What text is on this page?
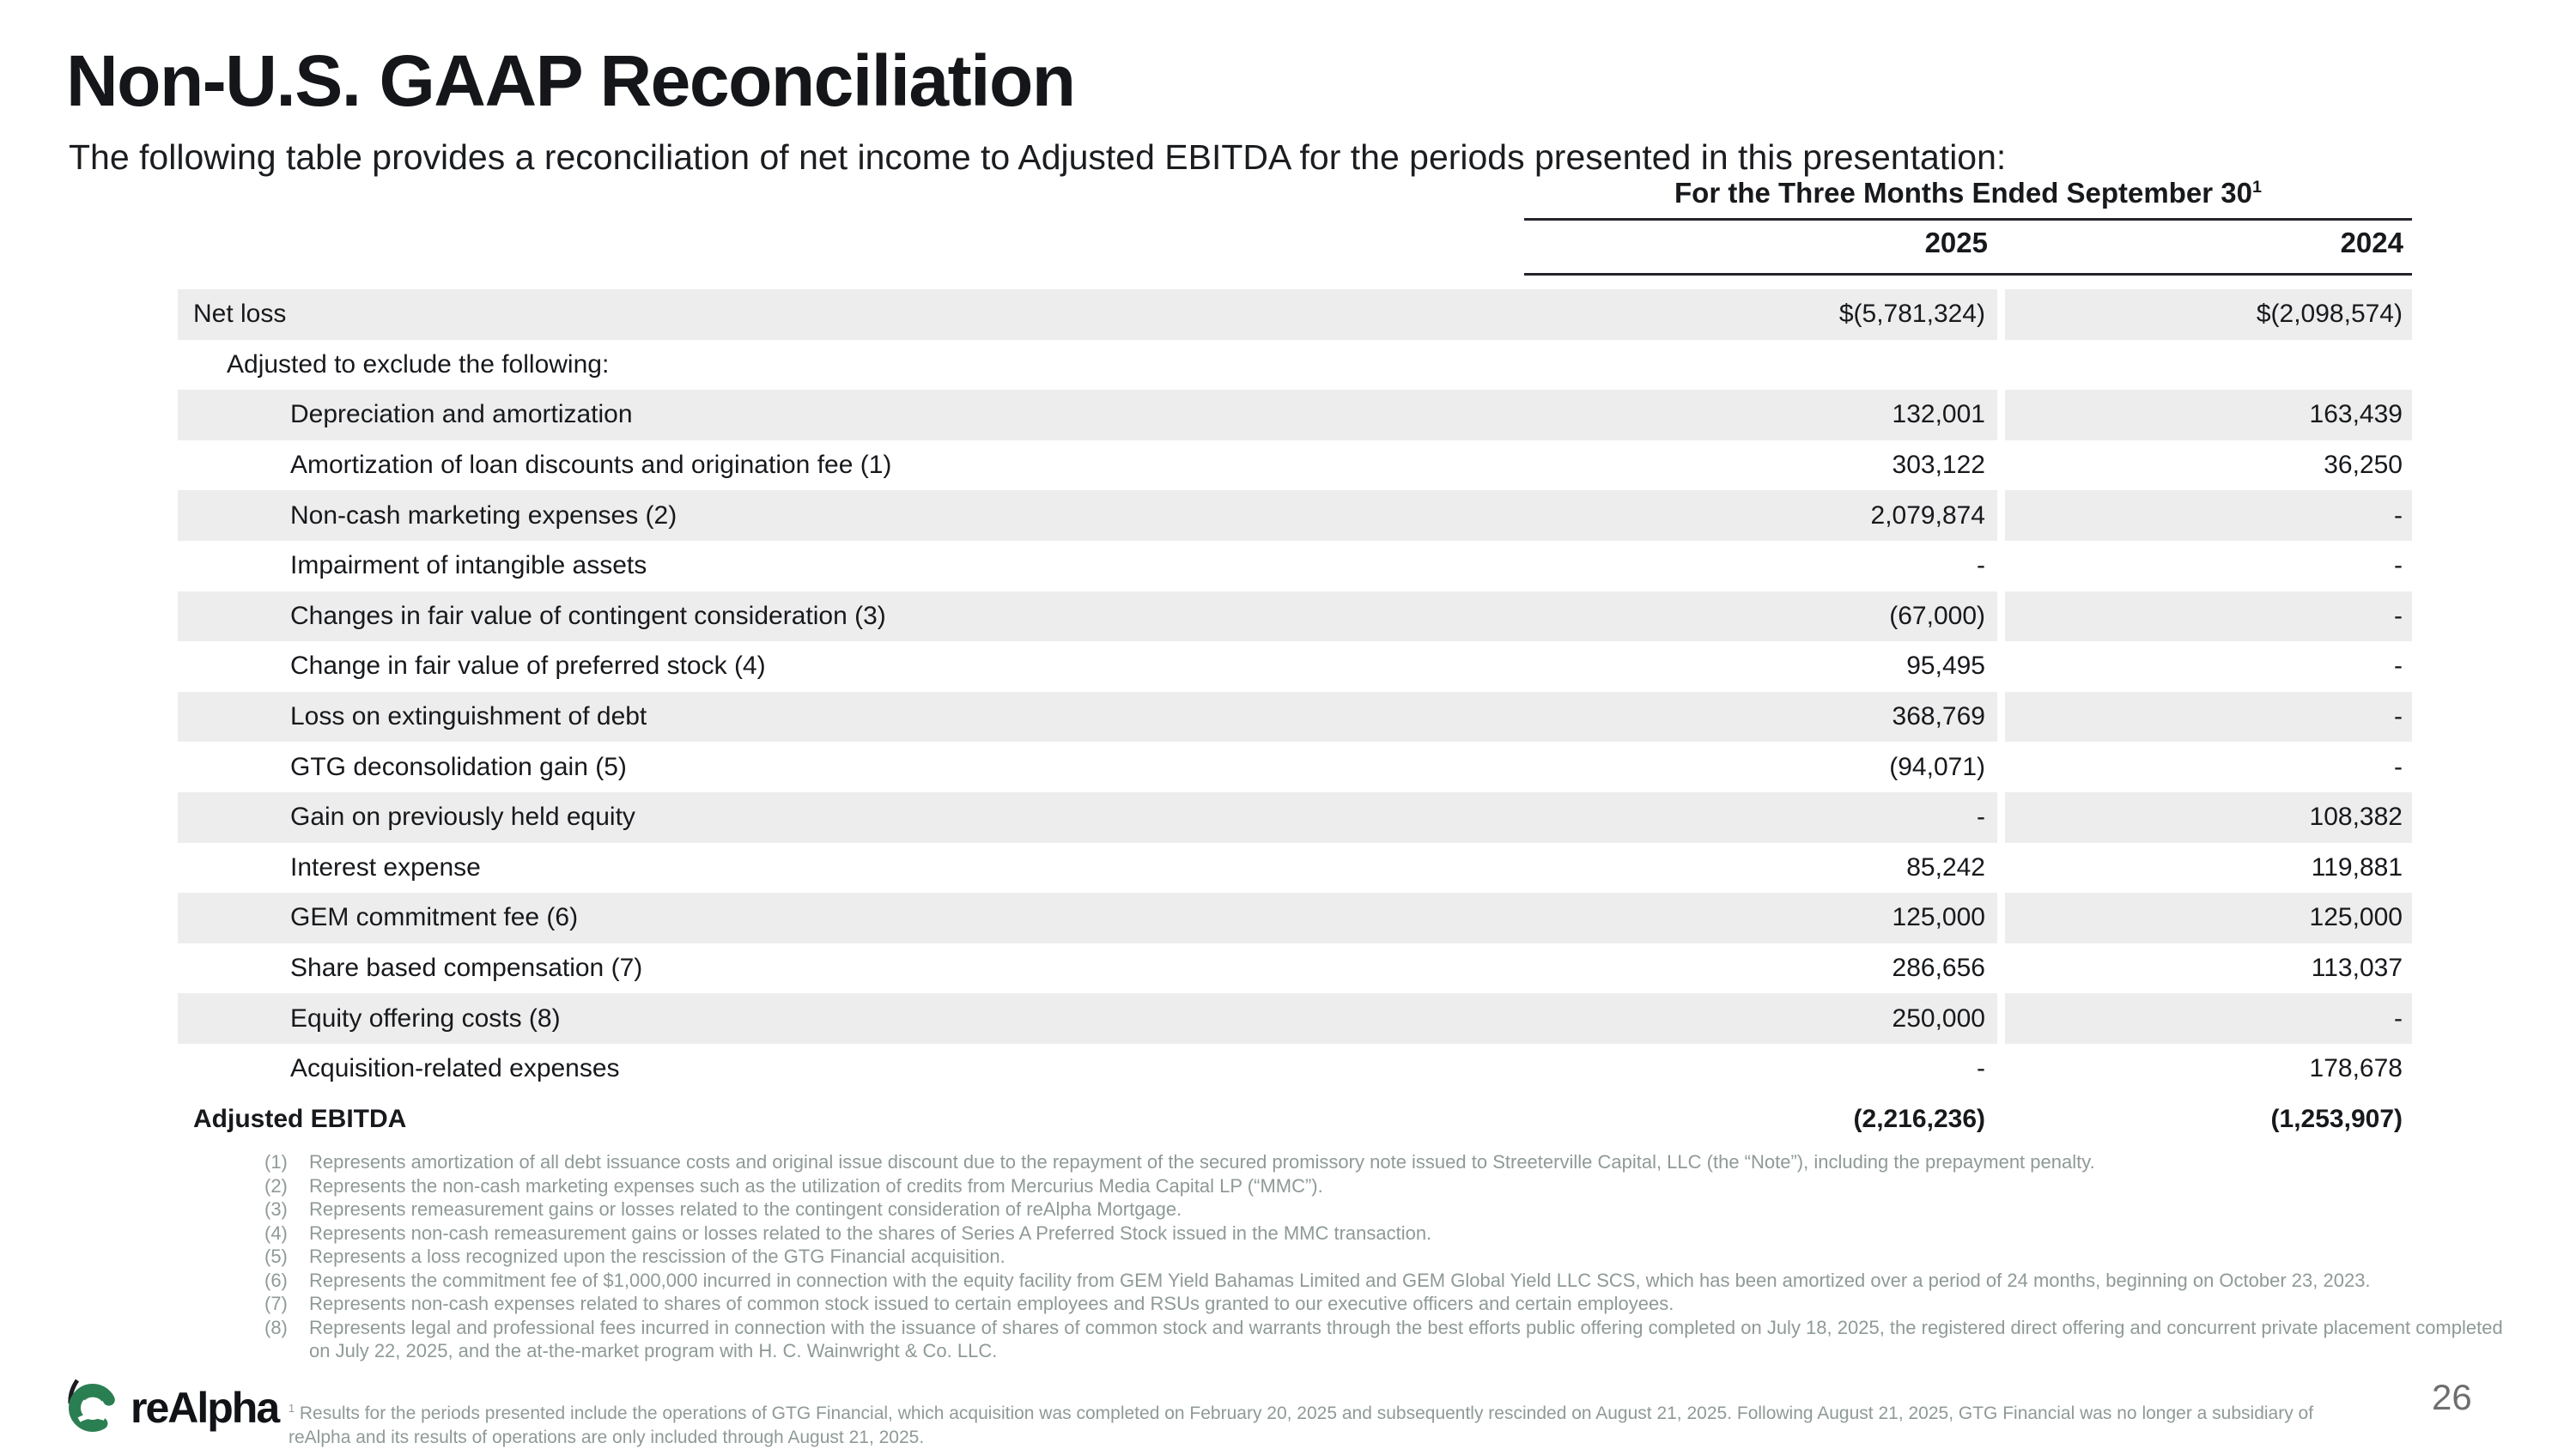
Non-U.S. GAAP Reconciliation
The following table provides a reconciliation of net income to Adjusted EBITDA for the periods presented in this presentation:
For the Three Months Ended September $30^1$
2025	2024
Net loss	$(5,781,324)	$(2,098,574)
Adjusted to exclude the following:
Depreciation and amortization	132,001	163,439
Amortization of loan discounts and origination fee (1)	303,122	36,250
Non-cash marketing expenses (2)	2,079,874	-
Impairment of intangible assets	-	-
Changes in fair value of contingent consideration (3)	(67,000)	-
Change in fair value of preferred stock (4)	95,495	-
Loss on extinguishment of debt	368,769	-
GTG deconsolidation gain (5)	(94,071)	-
Gain on previously held equity	-	108,382
Interest expense	85,242	119,881
GEM commitment fee (6)	125,000	125,000
Share based compensation (7)	286,656	113,037
Equity offering costs (8)	250,000	-
Acquisition-related expenses	-	178,678
Adjusted EBITDA	(2,216,236)	(1,253,907)
(1)	Represents amortization of all debt issuance costs and original issue discount due to the repayment of the secured promissory note issued to Streeterville Capital, LLC (the “Note”), including the prepayment penalty.
(2)	Represents the non-cash marketing expenses such as the utilization of credits from Mercurius Media Capital LP (“MMC”).
(3)	Represents remeasurement gains or losses related to the contingent consideration of reAlpha Mortgage.
(4)	Represents non-cash remeasurement gains or losses related to the shares of Series A Preferred Stock issued in the MMC transaction.
(5)	Represents a loss recognized upon the rescission of the GTG Financial acquisition.
(6)	Represents the commitment fee of $1,000,000 incurred in connection with the equity facility from GEM Yield Bahamas Limited and GEM Global Yield LLC SCS, which has been amortized over a period of 24 months, beginning on October 23, 2023.
(7)	Represents non-cash expenses related to shares of common stock issued to certain employees and RSUs granted to our executive officers and certain employees.
(8)	Represents legal and professional fees incurred in connection with the issuance of shares of common stock and warrants through the best efforts public offering completed on July 18, 2025, the registered direct offering and concurrent private placement completed on July 22, 2025, and the at-the-market program with H. C. Wainwright & Co. LLC.
reAlpha $^1$ Results for the periods presented include the operations of GTG Financial, which acquisition was completed on February 20, 2025 and subsequently rescinded on August 21, 2025. Following August 21, 2025, GTG Financial was no longer a subsidiary of reAlpha and its results of operations are only included through August 21, 2025.
26
